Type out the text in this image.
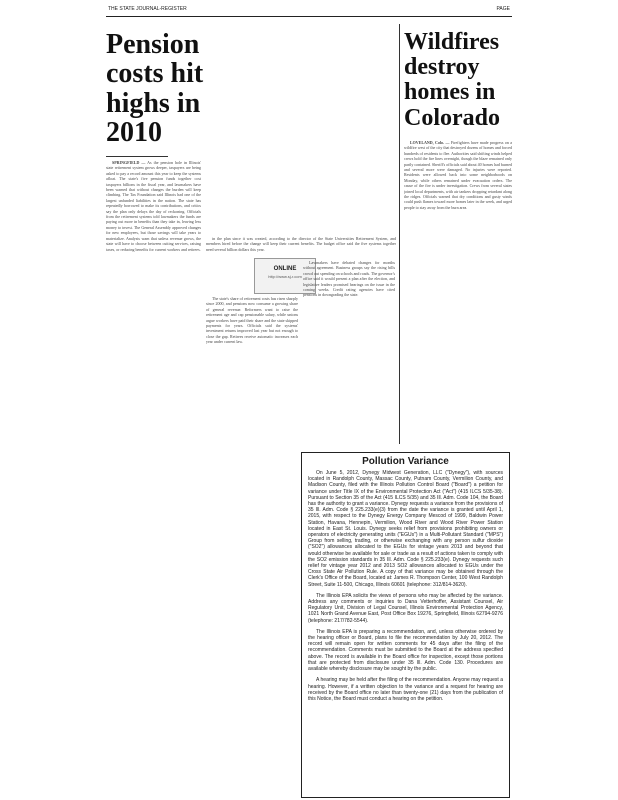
THE STATE JOURNAL-REGISTER	PAGE
Pension costs hit highs in 2010

SPRINGFIELD — As the pension hole in Illinois' state retirement system grows deeper, taxpayers are being asked to pay a record amount this year to keep the systems afloat. The state's five pension funds together cost taxpayers billions in the fiscal year, and lawmakers have been warned that without changes the burden will keep climbing. The Tax Foundation said Illinois had one of the largest unfunded liabilities in the nation. The state has repeatedly borrowed to make its contributions, and critics say the plan only delays the day of reckoning. Officials from the retirement systems told lawmakers the funds are paying out more in benefits than they take in, leaving less money to invest. The General Assembly approved changes for new employees, but those savings will take years to materialize. Analysts warn that unless revenue grows, the state will have to choose between cutting services, raising taxes, or reducing benefits for current workers and retirees.

in the plan since it was created, according to the director of the State Universities Retirement System, and members hired before the change will keep their current benefits. The budget office said the five systems together need several billion dollars this year.

ONLINE
http://www.sj-r.com

The state's share of retirement costs has risen sharply since 2000, and pensions now consume a growing share of general revenue. Reformers want to raise the retirement age and cap pensionable salary, while unions argue workers have paid their share and the state skipped payments for years. Officials said the systems' investment returns improved last year but not enough to close the gap. Retirees receive automatic increases each year under current law.

Lawmakers have debated changes for months without agreement. Business groups say the rising bills crowd out spending on schools and roads. The governor's office said it would present a plan after the election, and legislative leaders promised hearings on the issue in the coming weeks. Credit rating agencies have cited pensions in downgrading the state.

Wildfires destroy homes in Colorado

LOVELAND, Colo. — Firefighters have made progress on a wildfire west of the city that destroyed dozens of homes and forced hundreds of residents to flee. Authorities said shifting winds helped crews hold the fire lines overnight, though the blaze remained only partly contained. Sheriff's officials said about 40 homes had burned and several more were damaged. No injuries were reported. Residents were allowed back into some neighborhoods on Monday, while others remained under evacuation orders. The cause of the fire is under investigation. Crews from several states joined local departments, with air tankers dropping retardant along the ridges. Officials warned that dry conditions and gusty winds could push flames toward more homes later in the week, and urged people to stay away from the burn area.

Pollution Variance

On June 5, 2012, Dynegy Midwest Generation, LLC ("Dynegy"), with sources located in Randolph County, Massac County, Putnam County, Vermilion County, and Madison County, filed with the Illinois Pollution Control Board ("Board") a petition for variance under Title IX of the Environmental Protection Act ("Act") (415 ILCS 5/35-38). Pursuant to Section 35 of the Act (415 ILCS 5/35) and 35 Ill. Adm. Code 104, the Board has the authority to grant a variance. Dynegy requests a variance from the provisions of 35 Ill. Adm. Code § 225.233(e)(3) from the date the variance is granted until April 1, 2015, with respect to the Dynegy Energy Company Mescod of 1999, Baldwin Power Station, Havana, Hennepin, Vermilion, Wood River and Wood River Power Station located in East St. Louis. Dynegy seeks relief from provisions prohibiting owners or operators of electricity generating units ("EGUs") in a Multi-Pollutant Standard ("MPS") Group from selling, trading, or otherwise exchanging with any person sulfur dioxide ("SO2") allowances allocated to the EGUs for vintage years 2013 and beyond that would otherwise be available for sale or trade as a result of actions taken to comply with the SO2 emission standards in 35 Ill. Adm. Code § 225.233(e). Dynegy requests such relief for vintage year 2012 and 2013 SO2 allowances allocated to EGUs under the Cross State Air Pollution Rule. A copy of that variance may be obtained through the Clerk's Office of the Board, located at: James R. Thompson Center, 100 West Randolph Street, Suite 11-500, Chicago, Illinois 60601 (telephone: 312/814-3620).

The Illinois EPA solicits the views of persons who may be affected by the variance. Address any comments or inquiries to Dana Vetterhoffer, Assistant Counsel, Air Regulatory Unit, Division of Legal Counsel, Illinois Environmental Protection Agency, 1021 North Grand Avenue East, Post Office Box 19276, Springfield, Illinois 62794-9276 (telephone: 217/782-5544).

The Illinois EPA is preparing a recommendation, and, unless otherwise ordered by the hearing officer or Board, plans to file the recommendation by July 20, 2012. The record will remain open for written comments for 45 days after the filing of the recommendation. Comments must be submitted to the Board at the address specified above. The record is available in the Board office for inspection, except those portions that are protected from disclosure under 35 Ill. Adm. Code 130. Procedures are available whereby disclosure may be sought by the public.

A hearing may be held after the filing of the recommendation. Anyone may request a hearing. However, if a written objection to the variance and a request for hearing are received by the Board office no later than twenty-one (21) days from the publication of this Notice, the Board must conduct a hearing on the petition.
